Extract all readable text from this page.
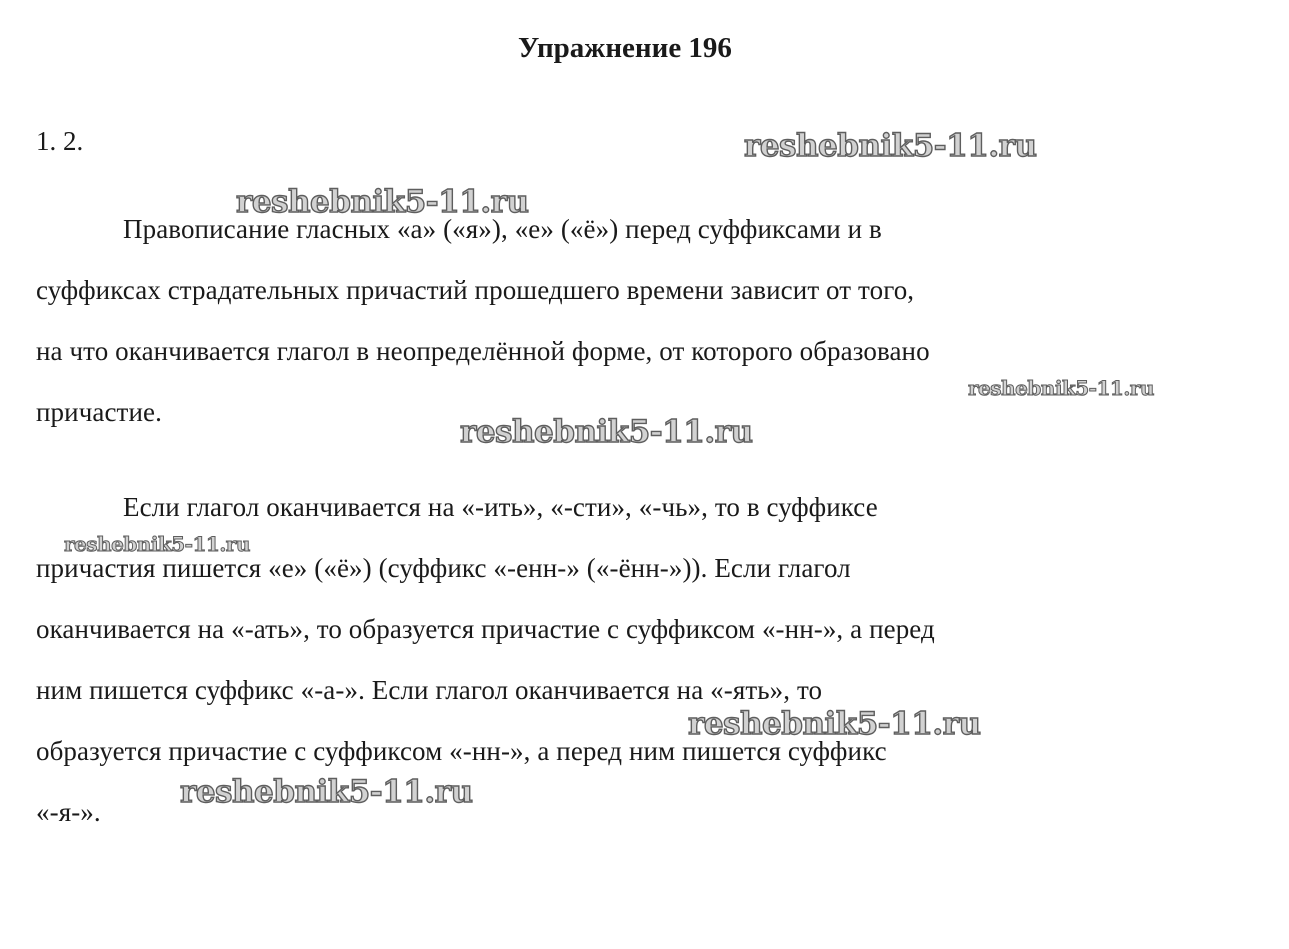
Упражнение 196
1. 2.
Правописание гласных «а» («я»), «е» («ё») перед суффиксами и в
суффиксах страдательных причастий прошедшего времени зависит от того,
на что оканчивается глагол в неопределённой форме, от которого образовано
причастие.
Если глагол оканчивается на «-ить», «-сти», «-чь», то в суффиксе
причастия пишется «е» («ё») (суффикс «-енн-» («-ённ-»)). Если глагол
оканчивается на «-ать», то образуется причастие с суффиксом «-нн-», а перед
ним пишется суффикс «-а-». Если глагол оканчивается на «-ять», то
образуется причастие с суффиксом «-нн-», а перед ним пишется суффикс
«-я-».
reshebnik5-11.ru
reshebnik5-11.ru
reshebnik5-11.ru
reshebnik5-11.ru
reshebnik5-11.ru
reshebnik5-11.ru
reshebnik5-11.ru
